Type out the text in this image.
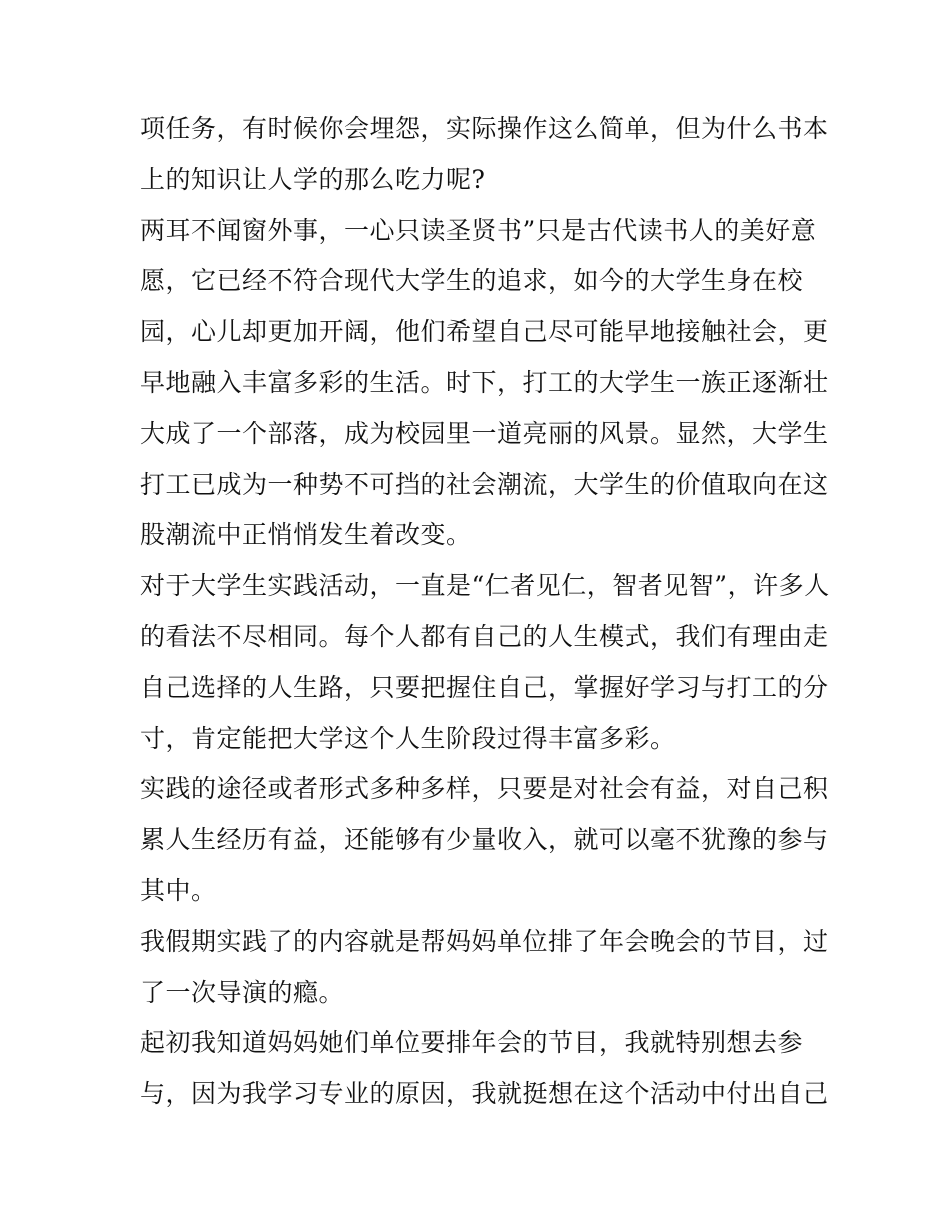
项任务，有时候你会埋怨，实际操作这么简单，但为什么书本
上的知识让人学的那么吃力呢?
两耳不闻窗外事，一心只读圣贤书”只是古代读书人的美好意
愿，它已经不符合现代大学生的追求，如今的大学生身在校
园，心儿却更加开阔，他们希望自己尽可能早地接触社会，更
早地融入丰富多彩的生活。时下，打工的大学生一族正逐渐壮
大成了一个部落，成为校园里一道亮丽的风景。显然，大学生
打工已成为一种势不可挡的社会潮流，大学生的价值取向在这
股潮流中正悄悄发生着改变。
对于大学生实践活动，一直是“仁者见仁，智者见智”，许多人
的看法不尽相同。每个人都有自己的人生模式，我们有理由走
自己选择的人生路，只要把握住自己，掌握好学习与打工的分
寸，肯定能把大学这个人生阶段过得丰富多彩。
实践的途径或者形式多种多样，只要是对社会有益，对自己积
累人生经历有益，还能够有少量收入，就可以毫不犹豫的参与
其中。
我假期实践了的内容就是帮妈妈单位排了年会晚会的节目，过
了一次导演的瘾。
起初我知道妈妈她们单位要排年会的节目，我就特别想去参
与，因为我学习专业的原因，我就挺想在这个活动中付出自己
